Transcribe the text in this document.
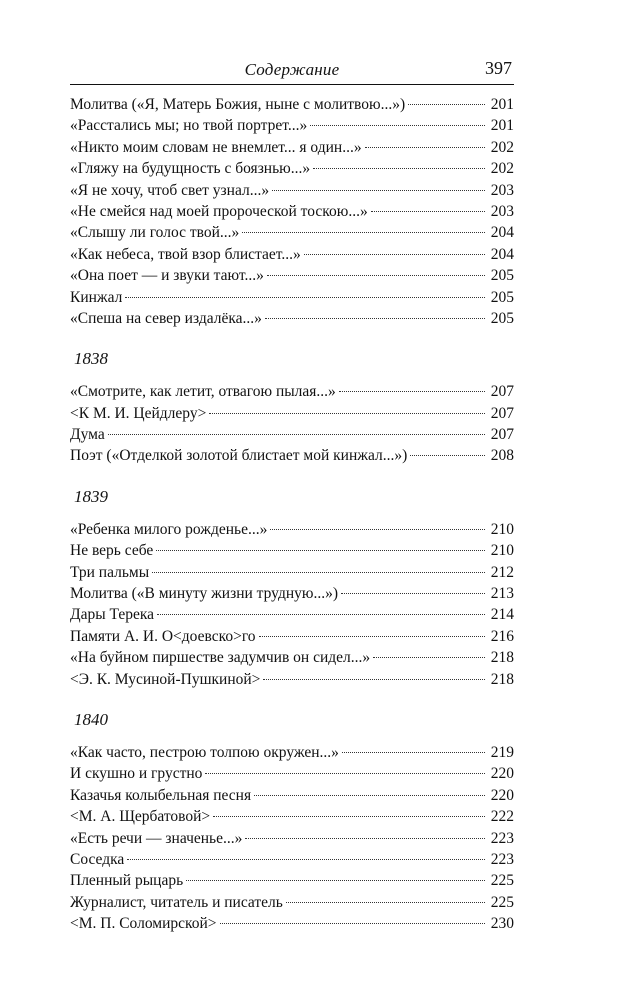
Содержание	397
Молитва («Я, Матерь Божия, ныне с молитвою...»)	201
«Расстались мы; но твой портрет...»	201
«Никто моим словам не внемлет... я один...»	202
«Гляжу на будущность с боязнью...»	202
«Я не хочу, чтоб свет узнал...»	203
«Не смейся над моей пророческой тоскою...»	203
«Слышу ли голос твой...»	204
«Как небеса, твой взор блистает...»	204
«Она поет — и звуки тают...»	205
Кинжал	205
«Спеша на север издалёка...»	205
1838
«Смотрите, как летит, отвагою пылая...»	207
<К М. И. Цейдлеру>	207
Дума	207
Поэт («Отделкой золотой блистает мой кинжал...»)	208
1839
«Ребенка милого рожденье...»	210
Не верь себе	210
Три пальмы	212
Молитва («В минуту жизни трудную...»)	213
Дары Терека	214
Памяти А. И. О<доевско>го	216
«На буйном пиршестве задумчив он сидел...»	218
<Э. К. Мусиной-Пушкиной>	218
1840
«Как часто, пестрою толпою окружен...»	219
И скушно и грустно	220
Казачья колыбельная песня	220
<М. А. Щербатовой>	222
«Есть речи — значенье...»	223
Соседка	223
Пленный рыцарь	225
Журналист, читатель и писатель	225
<М. П. Соломирской>	230
